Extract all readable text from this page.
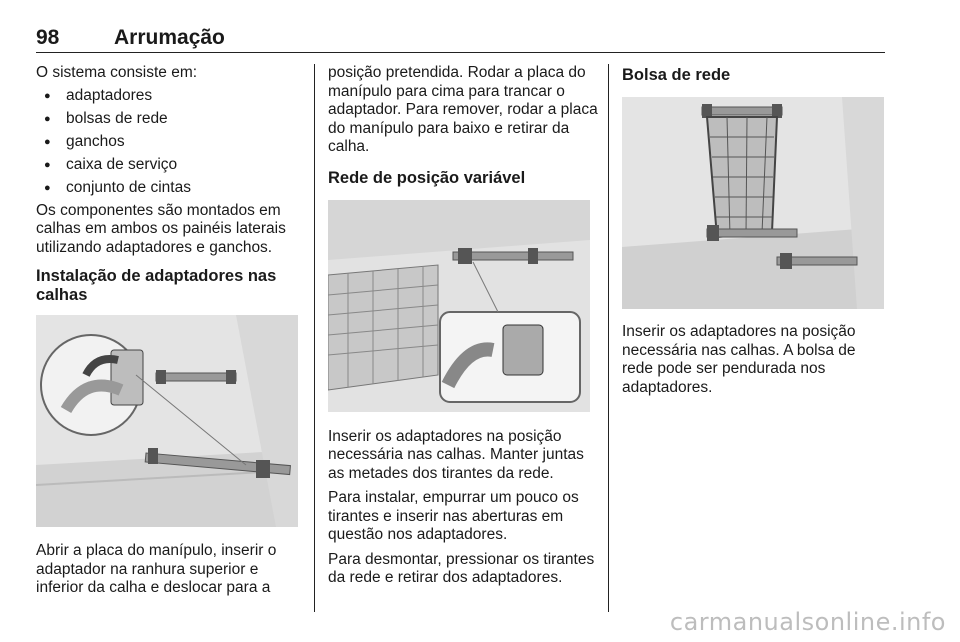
98	Arrumação

O sistema consiste em:

● adaptadores
● bolsas de rede
● ganchos
● caixa de serviço
● conjunto de cintas

Os componentes são montados em calhas em ambos os painéis laterais utilizando adaptadores e ganchos.

Instalação de adaptadores nas calhas

Abrir a placa do manípulo, inserir o adaptador na ranhura superior e inferior da calha e deslocar para a

posição pretendida. Rodar a placa do manípulo para cima para trancar o adaptador. Para remover, rodar a placa do manípulo para baixo e retirar da calha.

Rede de posição variável

Inserir os adaptadores na posição necessária nas calhas. Manter juntas as metades dos tirantes da rede.

Para instalar, empurrar um pouco os tirantes e inserir nas aberturas em questão nos adaptadores.

Para desmontar, pressionar os tirantes da rede e retirar dos adaptadores.

Bolsa de rede

Inserir os adaptadores na posição necessária nas calhas. A bolsa de rede pode ser pendurada nos adaptadores.

carmanualsonline.info
